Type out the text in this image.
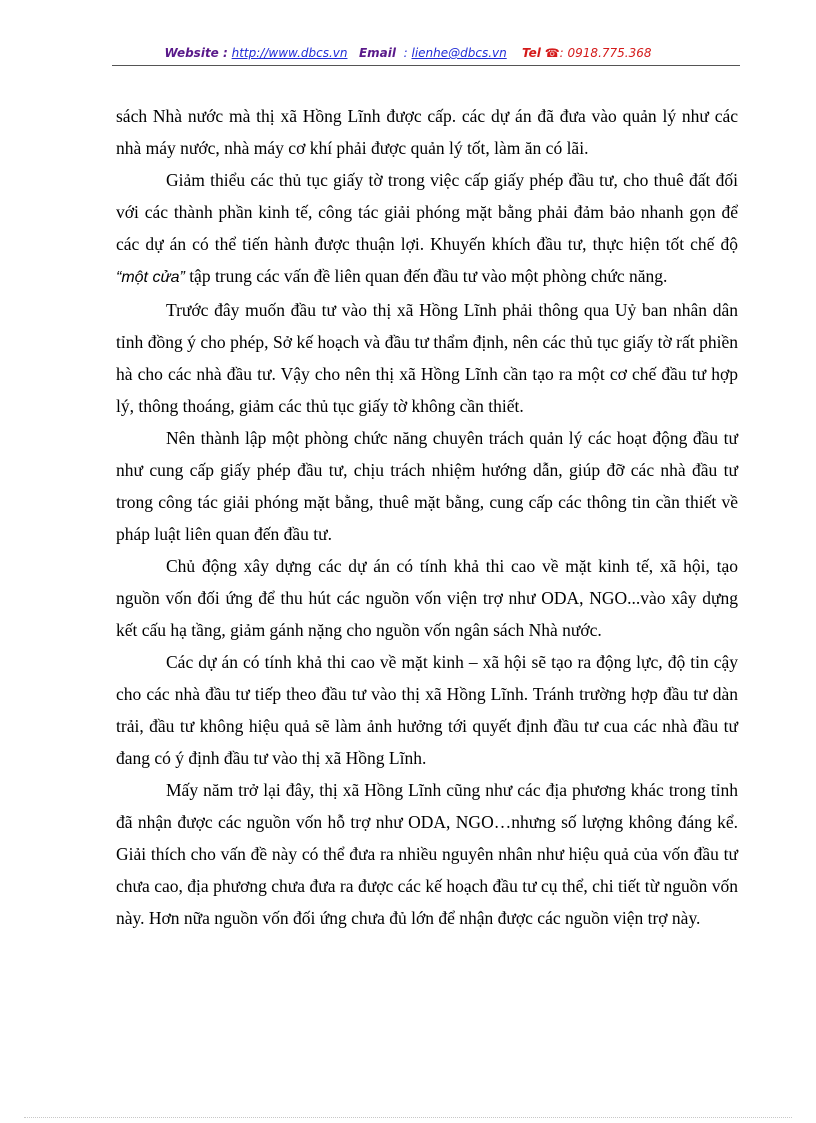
Website : http://www.dbcs.vn Email : lienhe@dbcs.vn Tel ☎: 0918.775.368

sách Nhà nước mà thị xã Hồng Lĩnh được cấp. các dự án đã đưa vào quản lý như các nhà máy nước, nhà máy cơ khí phải được quản lý tốt, làm ăn có lãi.

Giảm thiểu các thủ tục giấy tờ trong việc cấp giấy phép đầu tư, cho thuê đất đối với các thành phần kinh tế, công tác giải phóng mặt bằng phải đảm bảo nhanh gọn để các dự án có thể tiến hành được thuận lợi. Khuyến khích đầu tư, thực hiện tốt chế độ “một cửa” tập trung các vấn đề liên quan đến đầu tư vào một phòng chức năng.

Trước đây muốn đầu tư vào thị xã Hồng Lĩnh phải thông qua Uỷ ban nhân dân tỉnh đồng ý cho phép, Sở kế hoạch và đầu tư thẩm định, nên các thủ tục giấy tờ rất phiền hà cho các nhà đầu tư. Vậy cho nên thị xã Hồng Lĩnh cần tạo ra một cơ chế đầu tư hợp lý, thông thoáng, giảm các thủ tục giấy tờ không cần thiết.

Nên thành lập một phòng chức năng chuyên trách quản lý các hoạt động đầu tư như cung cấp giấy phép đầu tư, chịu trách nhiệm hướng dẫn, giúp đỡ các nhà đầu tư trong công tác giải phóng mặt bằng, thuê mặt bằng, cung cấp các thông tin cần thiết về pháp luật liên quan đến đầu tư.

Chủ động xây dựng các dự án có tính khả thi cao về mặt kinh tế, xã hội, tạo nguồn vốn đối ứng để thu hút các nguồn vốn viện trợ như ODA, NGO...vào xây dựng kết cấu hạ tầng, giảm gánh nặng cho nguồn vốn ngân sách Nhà nước.

Các dự án có tính khả thi cao về mặt kinh – xã hội sẽ tạo ra động lực, độ tin cậy cho các nhà đầu tư tiếp theo đầu tư vào thị xã Hồng Lĩnh. Tránh trường hợp đầu tư dàn trải, đầu tư không hiệu quả sẽ làm ảnh hưởng tới quyết định đầu tư cua các nhà đầu tư đang có ý định đầu tư vào thị xã Hồng Lĩnh.

Mấy năm trở lại đây, thị xã Hồng Lĩnh cũng như các địa phương khác trong tỉnh đã nhận được các nguồn vốn hỗ trợ như ODA, NGO…nhưng số lượng không đáng kể. Giải thích cho vấn đề này có thể đưa ra nhiều nguyên nhân như hiệu quả của vốn đầu tư chưa cao, địa phương chưa đưa ra được các kế hoạch đầu tư cụ thể, chi tiết từ nguồn vốn này. Hơn nữa nguồn vốn đối ứng chưa đủ lớn để nhận được các nguồn viện trợ này.
